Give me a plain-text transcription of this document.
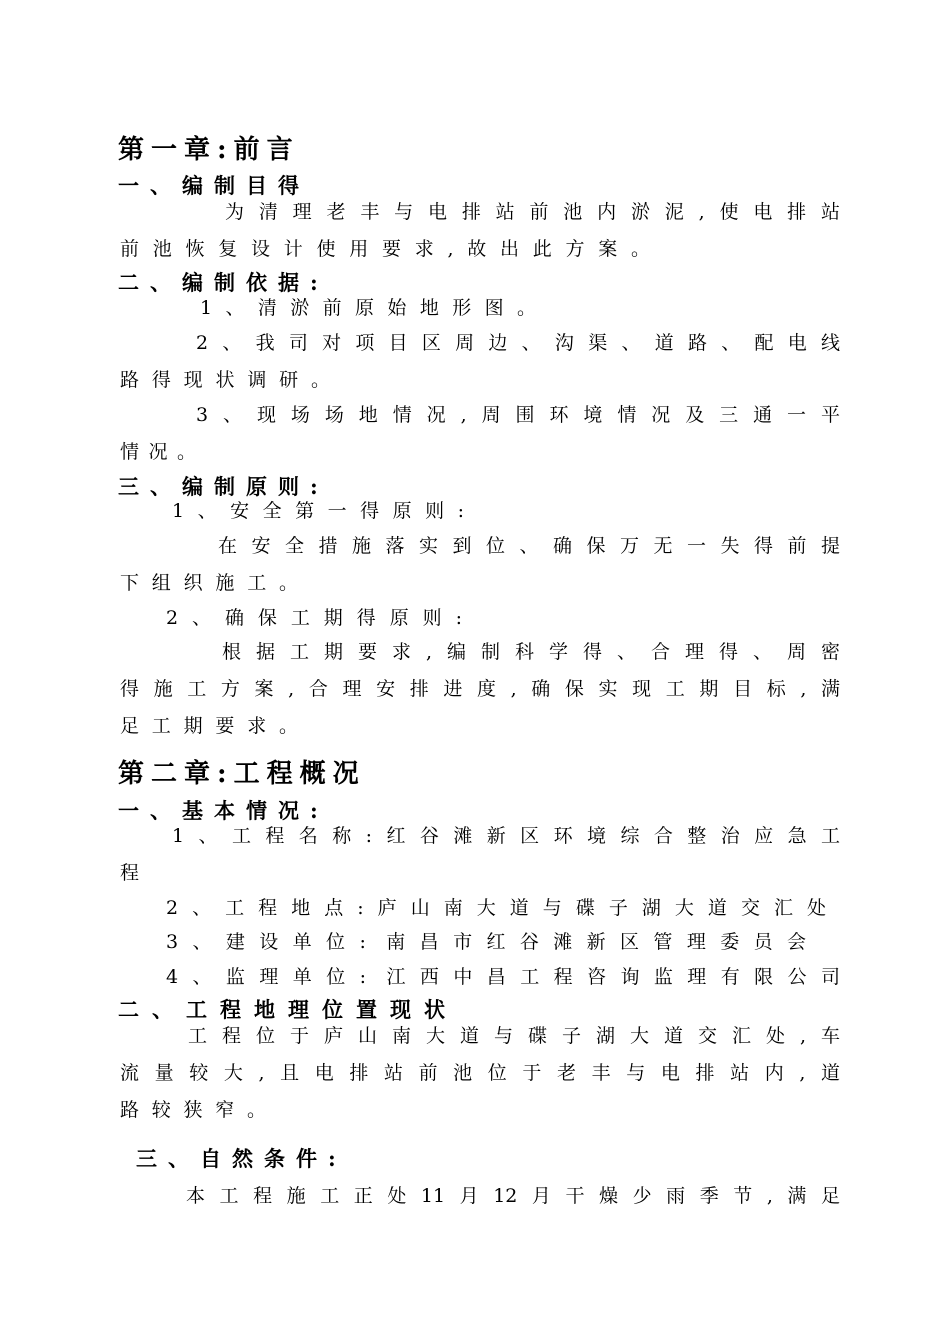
第一章:前言
一、编制目得
为清理老丰与电排站前池内淤泥,使电排站
前池恢复设计使用要求,故出此方案。
二、编制依据:
1、清淤前原始地形图。
2、我司对项目区周边、沟渠、道路、配电线
路得现状调研。
3、现场场地情况,周围环境情况及三通一平
情况。
三、编制原则:
1、安全第一得原则:
在安全措施落实到位、确保万无一失得前提
下组织施工。
2、确保工期得原则:
根据工期要求,编制科学得、合理得、周密
得施工方案,合理安排进度,确保实现工期目标,满
足工期要求。
第二章:工程概况
一、基本情况:
1、工程名称:红谷滩新区环境综合整治应急工
程
2、工程地点:庐山南大道与碟子湖大道交汇处
3、建设单位: 南昌市红谷滩新区管理委员会
4、监理单位: 江西中昌工程咨询监理有限公司
二、工程地理位置现状
工程位于庐山南大道与碟子湖大道交汇处,车
流量较大,且电排站前池位于老丰与电排站内,道
路较狭窄。
三、自然条件:
本工程施工正处11月12月干燥少雨季节,满足
